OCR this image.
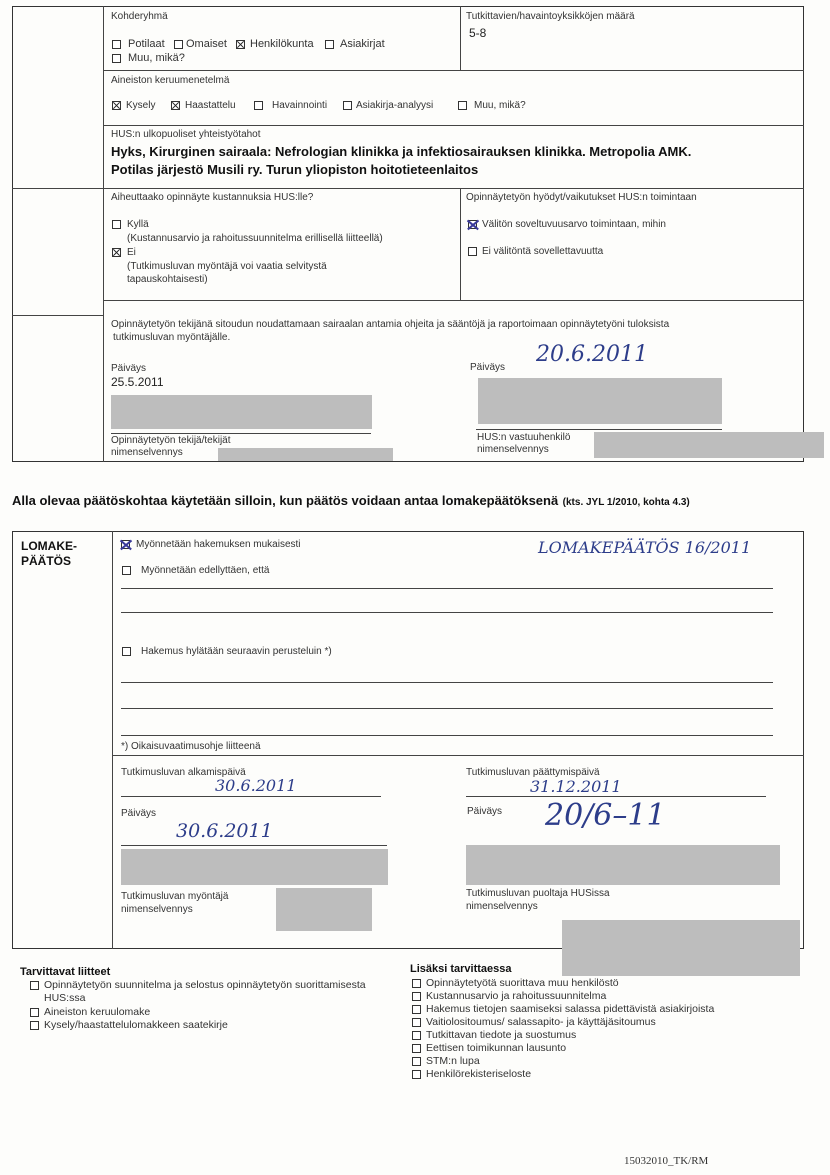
Kohderyhmä
Potilaat Omaiset Henkilökunta Asiakirjat
Muu, mikä?
Tutkittavien/havaintoyksikköjen määrä
5-8
Aineiston keruumenetelmä
Kysely	Haastattelu	Havainnointi	Asiakirja-analyysi	Muu, mikä?
HUS:n ulkopuoliset yhteistyötahot
Hyks, Kirurginen sairaala: Nefrologian klinikka ja infektiosairauksen klinikka. Metropolia AMK.
Potilas järjestö Musili ry. Turun yliopiston hoitotieteenlaitos
Aiheuttaako opinnäyte kustannuksia HUS:lle?
Kyllä
(Kustannusarvio ja rahoitussuunnitelma erillisellä liitteellä)
Ei
(Tutkimusluvan myöntäjä voi vaatia selvitystä
tapauskohtaisesti)
Opinnäytetyön hyödyt/vaikutukset HUS:n toimintaan
Välitön soveltuvuusarvo toimintaan, mihin
Ei välitöntä sovellettavuutta
Opinnäytetyön tekijänä sitoudun noudattamaan sairaalan antamia ohjeita ja sääntöjä ja raportoimaan opinnäytetyöni tuloksista
tutkimusluvan myöntäjälle.
Päiväys
25.5.2011
Päiväys
20.6.2011
Opinnäytetyön tekijä/tekijät
nimenselvennys
HUS:n vastuuhenkilö
nimenselvennys
Alla olevaa päätöskohtaa käytetään silloin, kun päätös voidaan antaa lomakepäätöksenä (kts. JYL 1/2010, kohta 4.3)
LOMAKE-
PÄÄTÖS
Myönnetään hakemuksen mukaisesti	LOMAKEPÄÄTÖS 16/2011
Myönnetään edellyttäen, että
Hakemus hylätään seuraavin perusteluin *)
*) Oikaisuvaatimusohje liitteenä
Tutkimusluvan alkamispäivä
30.6.2011
Tutkimusluvan päättymispäivä
31.12.2011
Päiväys
30.6.2011
Päiväys 20/6–11
Tutkimusluvan myöntäjä
nimenselvennys
Tutkimusluvan puoltaja HUSissa
nimenselvennys
Tarvittavat liitteet
Opinnäytetyön suunnitelma ja selostus opinnäytetyön suorittamisesta
HUS:ssa
Aineiston keruulomake
Kysely/haastattelulomakkeen saatekirje
Lisäksi tarvittaessa
Opinnäytetyötä suorittava muu henkilöstö
Kustannusarvio ja rahoitussuunnitelma
Hakemus tietojen saamiseksi salassa pidettävistä asiakirjoista
Vaitiolositoumus/ salassapito- ja käyttäjäsitoumus
Tutkittavan tiedote ja suostumus
Eettisen toimikunnan lausunto
STM:n lupa
Henkilörekisteriseloste
15032010_TK/RM
